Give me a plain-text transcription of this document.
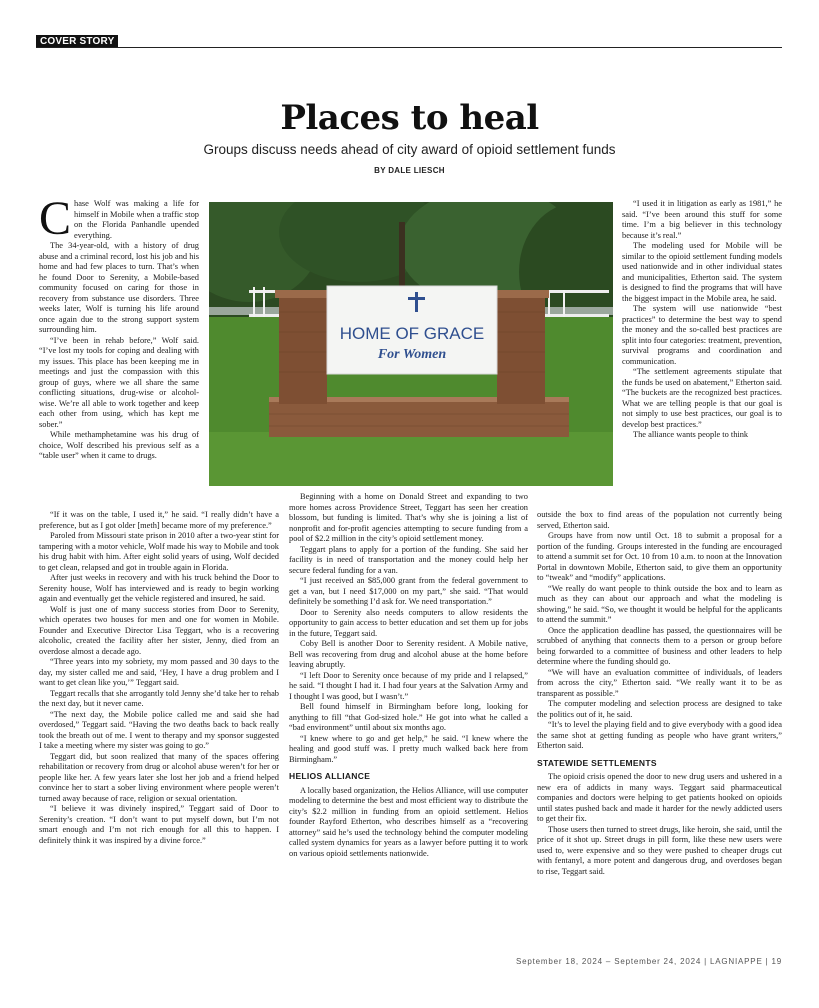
COVER STORY
Places to heal
Groups discuss needs ahead of city award of opioid settlement funds
BY DALE LIESCH

Chase Wolf was making a life for himself in Mobile when a traffic stop on the Florida Panhandle upended everything.

The 34-year-old, with a history of drug abuse and a criminal record, lost his job and his home and had few places to turn. That’s when he found Door to Serenity, a Mobile-based community focused on caring for those in recovery from substance use disorders. Three weeks later, Wolf is turning his life around once again due to the strong support system surrounding him.

“I’ve been in rehab before,” Wolf said. “I’ve lost my tools for coping and dealing with my issues. This place has been keeping me in meetings and just the compassion with this group of guys, where we all share the same conflicting situations, drug-wise or alcohol-wise. We’re all able to work together and keep each other from using, which has kept me sober.”

While methamphetamine was his drug of choice, Wolf described his previous self as a “table user” when it came to drugs.

“If it was on the table, I used it,” he said. “I really didn’t have a preference, but as I got older [meth] became more of my preference.”

Paroled from Missouri state prison in 2010 after a two-year stint for tampering with a motor vehicle, Wolf made his way to Mobile and took his drug habit with him. After eight solid years of using, Wolf decided to get clean, relapsed and got in trouble again in Florida.

After just weeks in recovery and with his truck behind the Door to Serenity house, Wolf has interviewed and is ready to begin working again and eventually get the vehicle registered and insured, he said.

Wolf is just one of many success stories from Door to Serenity, which operates two houses for men and one for women in Mobile. Founder and Executive Director Lisa Teggart, who is a recovering alcoholic, created the facility after her sister, Jenny, died from an overdose almost a decade ago.

“Three years into my sobriety, my mom passed and 30 days to the day, my sister called me and said, ‘Hey, I have a drug problem and I want to get clean like you,’” Teggart said.

Teggart recalls that she arrogantly told Jenny she’d take her to rehab the next day, but it never came.

“The next day, the Mobile police called me and said she had overdosed,” Teggart said. “Having the two deaths back to back really took the breath out of me. I went to therapy and my sponsor suggested I take a meeting where my sister was going to go.”

Teggart did, but soon realized that many of the spaces offering rehabilitation or recovery from drug or alcohol abuse weren’t for her or people like her. A few years later she lost her job and a friend helped convince her to start a sober living environment where people weren’t turned away because of race, religion or sexual orientation.

“I believe it was divinely inspired,” Teggart said of Door to Serenity’s creation. “I don’t want to put myself down, but I’m not smart enough and I’m not rich enough for all this to happen. I definitely think it was inspired by a divine force.”

HOME OF GRACE
For Women

Beginning with a home on Donald Street and expanding to two more homes across Providence Street, Teggart has seen her creation blossom, but funding is limited. That’s why she is joining a list of nonprofit and for-profit agencies attempting to secure funding from a pool of $2.2 million in the city’s opioid settlement money.

Teggart plans to apply for a portion of the funding. She said her facility is in need of transportation and the money could help her secure federal funding for a van.

“I just received an $85,000 grant from the federal government to get a van, but I need $17,000 on my part,” she said. “That would definitely be something I’d ask for. We need transportation.”

Door to Serenity also needs computers to allow residents the opportunity to gain access to better education and set them up for jobs in the future, Teggart said.

Coby Bell is another Door to Serenity resident. A Mobile native, Bell was recovering from drug and alcohol abuse at the home before leaving abruptly.

“I left Door to Serenity once because of my pride and I relapsed,” he said. “I thought I had it. I had four years at the Salvation Army and I thought I was good, but I wasn’t.”

Bell found himself in Birmingham before long, looking for anything to fill “that God-sized hole.” He got into what he called a “bad environment” until about six months ago.

“I knew where to go and get help,” he said. “I knew where the healing and good stuff was. I pretty much walked back here from Birmingham.”

HELIOS ALLIANCE

A locally based organization, the Helios Alliance, will use computer modeling to determine the best and most efficient way to distribute the city’s $2.2 million in funding from an opioid settlement. Helios founder Rayford Etherton, who describes himself as a “recovering attorney” said he’s used the technology behind the computer modeling called system dynamics for years as a lawyer before putting it to work on various opioid settlements nationwide.

“I used it in litigation as early as 1981,” he said. “I’ve been around this stuff for some time. I’m a big believer in this technology because it’s real.”

The modeling used for Mobile will be similar to the opioid settlement funding models used nationwide and in other individual states and municipalities, Etherton said. The system is designed to find the programs that will have the biggest impact in the Mobile area, he said.

The system will use nationwide “best practices” to determine the best way to spend the money and the so-called best practices are split into four categories: treatment, prevention, survival programs and coordination and communication.

“The settlement agreements stipulate that the funds be used on abatement,” Etherton said. “The buckets are the recognized best practices. What we are telling people is that our goal is not simply to use best practices, our goal is to develop best practices.”

The alliance wants people to think

outside the box to find areas of the population not currently being served, Etherton said.

Groups have from now until Oct. 18 to submit a proposal for a portion of the funding. Groups interested in the funding are encouraged to attend a summit set for Oct. 10 from 10 a.m. to noon at the Innovation Portal in downtown Mobile, Etherton said, to give them an opportunity to “tweak” and “modify” applications.

“We really do want people to think outside the box and to learn as much as they can about our approach and what the modeling is showing,” he said. “So, we thought it would be helpful for the applicants to attend the summit.”

Once the application deadline has passed, the questionnaires will be scrubbed of anything that connects them to a person or group before being forwarded to a committee of business and other leaders to help determine where the funding should go.

“We will have an evaluation committee of individuals, of leaders from across the city,” Etherton said. “We really want it to be as transparent as possible.”

The computer modeling and selection process are designed to take the politics out of it, he said.

“It’s to level the playing field and to give everybody with a good idea the same shot at getting funding as people who have grant writers,” Etherton said.

STATEWIDE SETTLEMENTS

The opioid crisis opened the door to new drug users and ushered in a new era of addicts in many ways. Teggart said pharmaceutical companies and doctors were helping to get patients hooked on opioids until states pushed back and made it harder for the newly addicted users to get their fix.

Those users then turned to street drugs, like heroin, she said, until the price of it shot up. Street drugs in pill form, like these new users were used to, were expensive and so they were pushed to cheaper drugs cut with fentanyl, a more potent and dangerous drug, and overdoses began to rise, Teggart said.

September 18, 2024 – September 24, 2024 | LAGNIAPPE | 19
